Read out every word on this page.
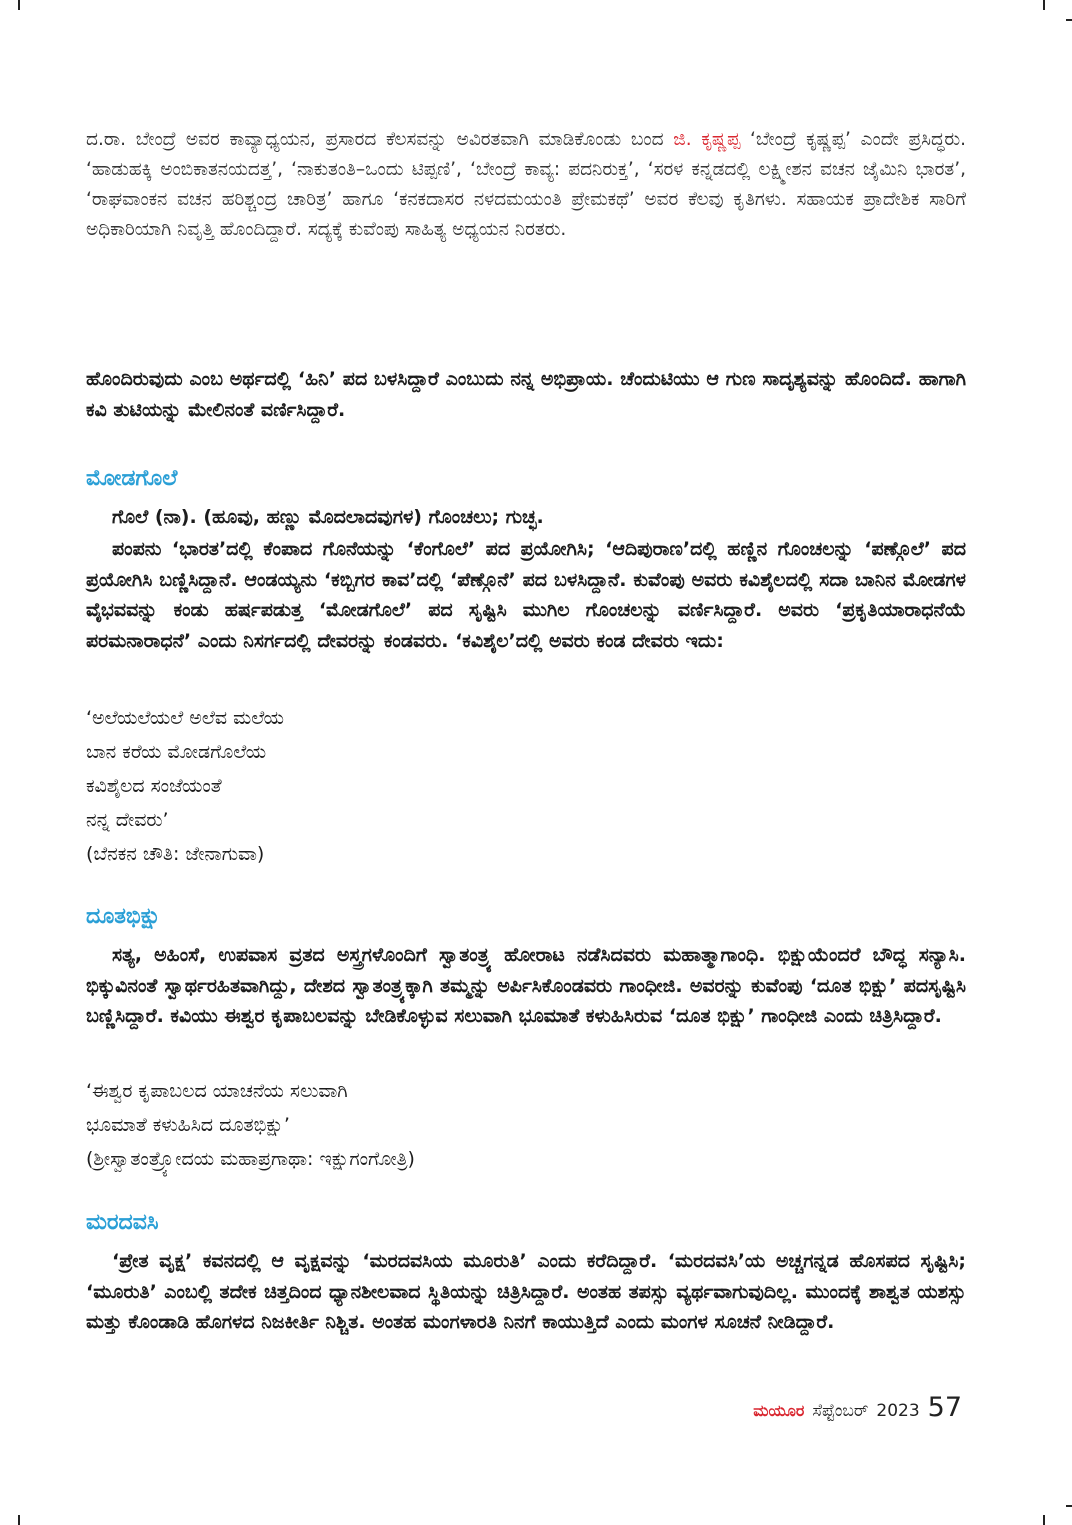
ದ.ರಾ. ಬೇಂದ್ರೆ ಅವರ ಕಾವ್ಯಾಧ್ಯಯನ, ಪ್ರಸಾರದ ಕೆಲಸವನ್ನು ಅವಿರತವಾಗಿ ಮಾಡಿಕೊಂಡು ಬಂದ ಜಿ. ಕೃಷ್ಣಪ್ಪ ‘ಬೇಂದ್ರೆ ಕೃಷ್ಣಪ್ಪ’ ಎಂದೇ ಪ್ರಸಿದ್ಧರು. ‘ಹಾಡುಹಕ್ಕಿ ಅಂಬಿಕಾತನಯದತ್ತ’, ‘ನಾಕುತಂತಿ–ಒಂದು ಟಿಪ್ಪಣಿ’, ‘ಬೇಂದ್ರೆ ಕಾವ್ಯ: ಪದನಿರುಕ್ತ’, ‘ಸರಳ ಕನ್ನಡದಲ್ಲಿ ಲಕ್ಷ್ಮೀಶನ ವಚನ ಜೈಮಿನಿ ಭಾರತ’, ‘ರಾಘವಾಂಕನ ವಚನ ಹರಿಶ್ಚಂದ್ರ ಚಾರಿತ್ರ’ ಹಾಗೂ ‘ಕನಕದಾಸರ ನಳದಮಯಂತಿ ಪ್ರೇಮಕಥೆ’ ಅವರ ಕೆಲವು ಕೃತಿಗಳು. ಸಹಾಯಕ ಪ್ರಾದೇಶಿಕ ಸಾರಿಗೆ ಅಧಿಕಾರಿಯಾಗಿ ನಿವೃತ್ತಿ ಹೊಂದಿದ್ದಾರೆ. ಸದ್ಯಕ್ಕೆ ಕುವೆಂಪು ಸಾಹಿತ್ಯ ಅಧ್ಯಯನ ನಿರತರು.

ಹೊಂದಿರುವುದು ಎಂಬ ಅರ್ಥದಲ್ಲಿ ‘ಹಿನಿ’ ಪದ ಬಳಸಿದ್ದಾರೆ ಎಂಬುದು ನನ್ನ ಅಭಿಪ್ರಾಯ. ಚೆಂದುಟಿಯು ಆ ಗುಣ ಸಾದೃಶ್ಯವನ್ನು ಹೊಂದಿದೆ. ಹಾಗಾಗಿ ಕವಿ ತುಟಿಯನ್ನು ಮೇಲಿನಂತೆ ವರ್ಣಿಸಿದ್ದಾರೆ.

ಮೋಡಗೊಲೆ

ಗೊಲೆ (ನಾ). (ಹೂವು, ಹಣ್ಣು ಮೊದಲಾದವುಗಳ) ಗೊಂಚಲು; ಗುಚ್ಛ.

ಪಂಪನು ‘ಭಾರತ’ದಲ್ಲಿ ಕೆಂಪಾದ ಗೊನೆಯನ್ನು ‘ಕೆಂಗೊಲೆ’ ಪದ ಪ್ರಯೋಗಿಸಿ; ‘ಆದಿಪುರಾಣ’ದಲ್ಲಿ ಹಣ್ಣಿನ ಗೊಂಚಲನ್ನು ‘ಪಣ್ಗೊಲೆ’ ಪದ ಪ್ರಯೋಗಿಸಿ ಬಣ್ಣಿಸಿದ್ದಾನೆ. ಆಂಡಯ್ಯನು ‘ಕಬ್ಬಿಗರ ಕಾವ’ದಲ್ಲಿ ‘ಪೆಣ್ಗೊನೆ’ ಪದ ಬಳಸಿದ್ದಾನೆ. ಕುವೆಂಪು ಅವರು ಕವಿಶೈಲದಲ್ಲಿ ಸದಾ ಬಾನಿನ ಮೋಡಗಳ ವೈಭವವನ್ನು ಕಂಡು ಹರ್ಷಪಡುತ್ತ ‘ಮೋಡಗೊಲೆ’ ಪದ ಸೃಷ್ಟಿಸಿ ಮುಗಿಲ ಗೊಂಚಲನ್ನು ವರ್ಣಿಸಿದ್ದಾರೆ. ಅವರು ‘ಪ್ರಕೃತಿಯಾರಾಧನೆಯೆ ಪರಮನಾರಾಧನೆ’ ಎಂದು ನಿಸರ್ಗದಲ್ಲಿ ದೇವರನ್ನು ಕಂಡವರು. ‘ಕವಿಶೈಲ’ದಲ್ಲಿ ಅವರು ಕಂಡ ದೇವರು ಇದು:

‘ಅಲೆಯಲೆಯಲೆ ಅಲೆವ ಮಲೆಯ
ಬಾನ ಕರೆಯ ಮೋಡಗೊಲೆಯ
ಕವಿಶೈಲದ ಸಂಜೆಯಂತೆ
ನನ್ನ ದೇವರು’
(ಬೆನಕನ ಚೌತಿ: ಜೇನಾಗುವಾ)
ದೂತಭಿಕ್ಷು

ಸತ್ಯ, ಅಹಿಂಸೆ, ಉಪವಾಸ ವ್ರತದ ಅಸ್ತ್ರಗಳೊಂದಿಗೆ ಸ್ವಾತಂತ್ರ್ಯ ಹೋರಾಟ ನಡೆಸಿದವರು ಮಹಾತ್ಮಾಗಾಂಧಿ. ಭಿಕ್ಷುಯೆಂದರೆ ಬೌದ್ಧ ಸನ್ಯಾಸಿ. ಭಿಕ್ಕುವಿನಂತೆ ಸ್ವಾರ್ಥರಹಿತವಾಗಿದ್ದು, ದೇಶದ ಸ್ವಾತಂತ್ರ್ಯಕ್ಕಾಗಿ ತಮ್ಮನ್ನು ಅರ್ಪಿಸಿಕೊಂಡವರು ಗಾಂಧೀಜಿ. ಅವರನ್ನು ಕುವೆಂಪು ‘ದೂತ ಭಿಕ್ಷು’ ಪದಸೃಷ್ಟಿಸಿ ಬಣ್ಣಿಸಿದ್ದಾರೆ. ಕವಿಯು ಈಶ್ವರ ಕೃಪಾಬಲವನ್ನು ಬೇಡಿಕೊಳ್ಳುವ ಸಲುವಾಗಿ ಭೂಮಾತೆ ಕಳುಹಿಸಿರುವ ‘ದೂತ ಭಿಕ್ಷು’ ಗಾಂಧೀಜಿ ಎಂದು ಚಿತ್ರಿಸಿದ್ದಾರೆ.

‘ಈಶ್ವರ ಕೃಪಾಬಲದ ಯಾಚನೆಯ ಸಲುವಾಗಿ
ಭೂಮಾತೆ ಕಳುಹಿಸಿದ ದೂತಭಿಕ್ಷು’
(ಶ್ರೀಸ್ವಾತಂತ್ರ್ಯೋದಯ ಮಹಾಪ್ರಗಾಥಾ: ಇಕ್ಷುಗಂಗೋತ್ರಿ)
ಮರದವಸಿ

‘ಪ್ರೇತ ವೃಕ್ಷ’ ಕವನದಲ್ಲಿ ಆ ವೃಕ್ಷವನ್ನು ‘ಮರದವಸಿಯ ಮೂರುತಿ’ ಎಂದು ಕರೆದಿದ್ದಾರೆ. ‘ಮರದವಸಿ’ಯ ಅಚ್ಚಗನ್ನಡ ಹೊಸಪದ ಸೃಷ್ಟಿಸಿ; ‘ಮೂರುತಿ’ ಎಂಬಲ್ಲಿ ತದೇಕ ಚಿತ್ತದಿಂದ ಧ್ಯಾನಶೀಲವಾದ ಸ್ಥಿತಿಯನ್ನು ಚಿತ್ರಿಸಿದ್ದಾರೆ. ಅಂತಹ ತಪಸ್ಸು ವ್ಯರ್ಥವಾಗುವುದಿಲ್ಲ. ಮುಂದಕ್ಕೆ ಶಾಶ್ವತ ಯಶಸ್ಸು ಮತ್ತು ಕೊಂಡಾಡಿ ಹೊಗಳದ ನಿಜಕೀರ್ತಿ ನಿಶ್ಚಿತ. ಅಂತಹ ಮಂಗಳಾರತಿ ನಿನಗೆ ಕಾಯುತ್ತಿದೆ ಎಂದು ಮಂಗಳ ಸೂಚನೆ ನೀಡಿದ್ದಾರೆ.

ಮಯೂರ ಸೆಪ್ಟೆಂಬರ್ 2023 57
